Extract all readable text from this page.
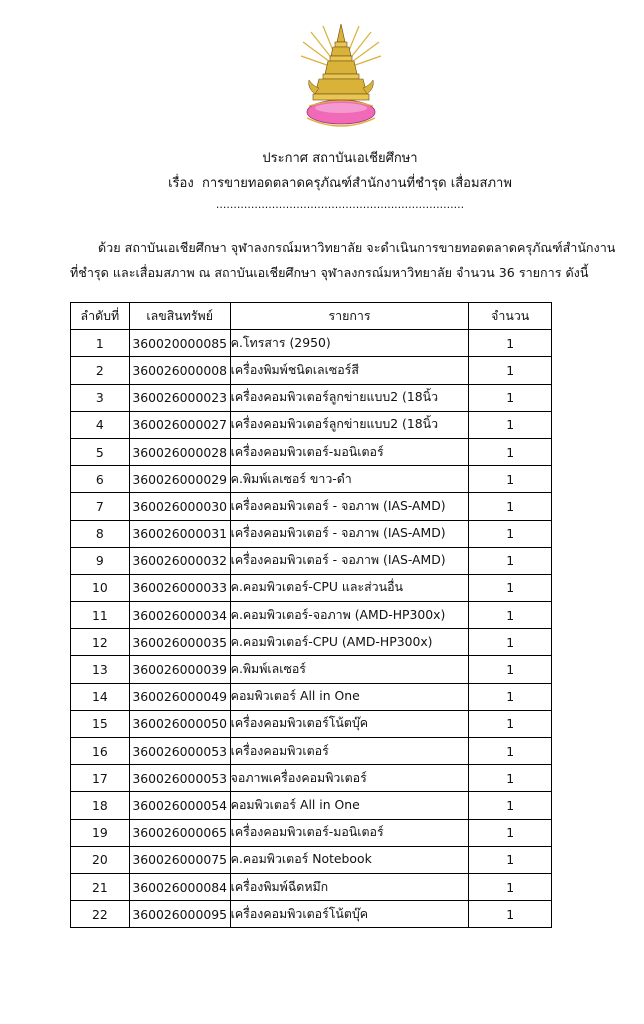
ประกาศ สถาบันเอเชียศึกษา
เรื่อง การขายทอดตลาดครุภัณฑ์สำนักงานที่ชำรุด เสื่อมสภาพ
.......................................................................
ด้วย สถาบันเอเชียศึกษา จุฬาลงกรณ์มหาวิทยาลัย จะดำเนินการขายทอดตลาดครุภัณฑ์สำนักงาน
ที่ชำรุด และเสื่อมสภาพ ณ สถาบันเอเชียศึกษา จุฬาลงกรณ์มหาวิทยาลัย จำนวน 36 รายการ ดังนี้
ลำดับที่	เลขสินทรัพย์	รายการ	จำนวน
1	360020000085	ค.โทรสาร (2950)	1
2	360026000008	เครื่องพิมพ์ชนิดเลเซอร์สี	1
3	360026000023	เครื่องคอมพิวเตอร์ลูกข่ายแบบ2 (18นิ้ว	1
4	360026000027	เครื่องคอมพิวเตอร์ลูกข่ายแบบ2 (18นิ้ว	1
5	360026000028	เครื่องคอมพิวเตอร์-มอนิเตอร์	1
6	360026000029	ค.พิมพ์เลเซอร์ ขาว-ดำ	1
7	360026000030	เครื่องคอมพิวเตอร์ - จอภาพ (IAS-AMD)	1
8	360026000031	เครื่องคอมพิวเตอร์ - จอภาพ (IAS-AMD)	1
9	360026000032	เครื่องคอมพิวเตอร์ - จอภาพ (IAS-AMD)	1
10	360026000033	ค.คอมพิวเตอร์-CPU และส่วนอื่น	1
11	360026000034	ค.คอมพิวเตอร์-จอภาพ (AMD-HP300x)	1
12	360026000035	ค.คอมพิวเตอร์-CPU (AMD-HP300x)	1
13	360026000039	ค.พิมพ์เลเซอร์	1
14	360026000049	คอมพิวเตอร์ All in One	1
15	360026000050	เครื่องคอมพิวเตอร์โน้ตบุ๊ค	1
16	360026000053	เครื่องคอมพิวเตอร์	1
17	360026000053	จอภาพเครื่องคอมพิวเตอร์	1
18	360026000054	คอมพิวเตอร์ All in One	1
19	360026000065	เครื่องคอมพิวเตอร์-มอนิเตอร์	1
20	360026000075	ค.คอมพิวเตอร์ Notebook	1
21	360026000084	เครื่องพิมพ์ฉีดหมึก	1
22	360026000095	เครื่องคอมพิวเตอร์โน้ตบุ๊ค	1
